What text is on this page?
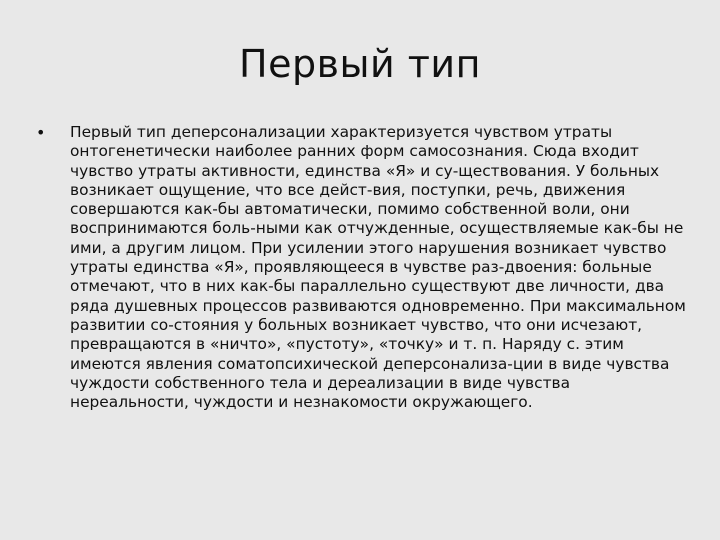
Первый тип
•	Первый тип деперсонализации характеризуется чувством утраты онтогенетически наиболее ранних форм самосознания. Сюда входит чувство утраты активности, единства «Я» и су-ществования. У больных возникает ощущение, что все дейст-вия, поступки, речь, движения совершаются как-бы автоматически, помимо собственной воли, они воспринимаются боль-ными как отчужденные, осуществляемые как-бы не ими, а другим лицом. При усилении этого нарушения возникает чувство утраты единства «Я», проявляющееся в чувстве раз-двоения: больные отмечают, что в них как-бы параллельно существуют две личности, два ряда душевных процессов развиваются одновременно. При максимальном развитии со-стояния у больных возникает чувство, что они исчезают, превращаются в «ничто», «пустоту», «точку» и т. п. Наряду с. этим имеются явления соматопсихической деперсонализа-ции в виде чувства чуждости собственного тела и дереализации в виде чувства нереальности, чуждости и незнакомости окружающего.
